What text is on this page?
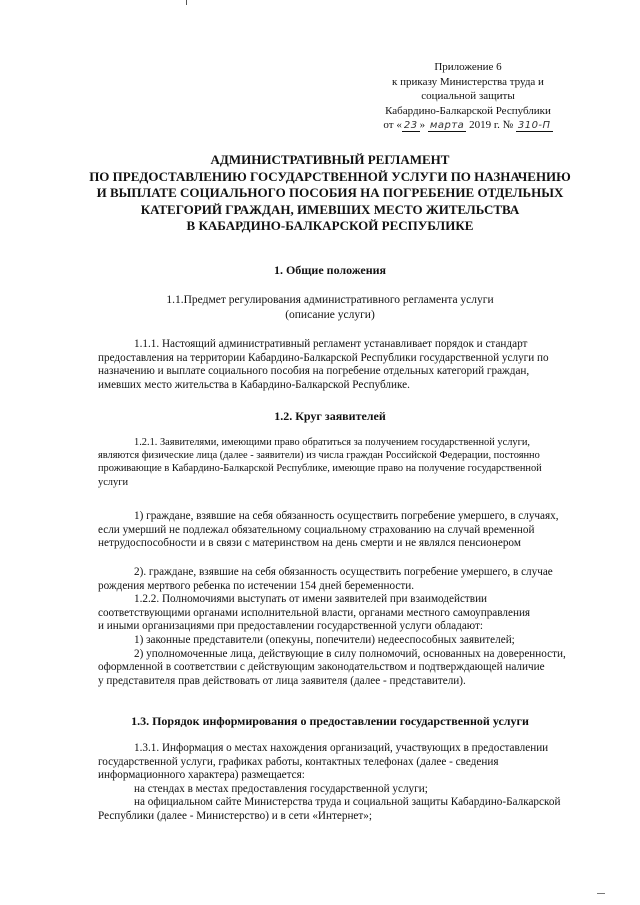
Приложение 6
к приказу Министерства труда и
социальной защиты
Кабардино-Балкарской Республики
от « 23 » марта 2019 г. № 310-П
АДМИНИСТРАТИВНЫЙ РЕГЛАМЕНТ
ПО ПРЕДОСТАВЛЕНИЮ ГОСУДАРСТВЕННОЙ УСЛУГИ ПО НАЗНАЧЕНИЮ
И ВЫПЛАТЕ СОЦИАЛЬНОГО ПОСОБИЯ НА ПОГРЕБЕНИЕ ОТДЕЛЬНЫХ
КАТЕГОРИЙ ГРАЖДАН, ИМЕВШИХ МЕСТО ЖИТЕЛЬСТВА
В КАБАРДИНО-БАЛКАРСКОЙ РЕСПУБЛИКЕ
1. Общие положения
1.1.Предмет регулирования административного регламента услуги
(описание услуги)
1.1.1. Настоящий административный регламент устанавливает порядок и стандарт
предоставления на территории Кабардино-Балкарской Республики государственной услуги по
назначению и выплате социального пособия на погребение отдельных категорий граждан,
имевших место жительства в Кабардино-Балкарской Республике.
1.2. Круг заявителей
1.2.1. Заявителями, имеющими право обратиться за получением государственной услуги,
являются физические лица (далее - заявители) из числа граждан Российской Федерации, постоянно
проживающие в Кабардино-Балкарской Республике, имеющие право на получение государственной
услуги
1) граждане, взявшие на себя обязанность осуществить погребение умершего, в случаях,
если умерший не подлежал обязательному социальному страхованию на случай временной
нетрудоспособности и в связи с материнством на день смерти и не являлся пенсионером
2). граждане, взявшие на себя обязанность осуществить погребение умершего, в случае
рождения мертвого ребенка по истечении 154 дней беременности.
1.2.2. Полномочиями выступать от имени заявителей при взаимодействии
соответствующими органами исполнительной власти, органами местного самоуправления
и иными организациями при предоставлении государственной услуги обладают:
1) законные представители (опекуны, попечители) недееспособных заявителей;
2) уполномоченные лица, действующие в силу полномочий, основанных на доверенности,
оформленной в соответствии с действующим законодательством и подтверждающей наличие
у представителя прав действовать от лица заявителя (далее - представители).
1.3. Порядок информирования о предоставлении государственной услуги
1.3.1. Информация о местах нахождения организаций, участвующих в предоставлении
государственной услуги, графиках работы, контактных телефонах (далее - сведения
информационного характера) размещается:
на стендах в местах предоставления государственной услуги;
на официальном сайте Министерства труда и социальной защиты Кабардино-Балкарской
Республики (далее - Министерство) и в сети «Интернет»;
